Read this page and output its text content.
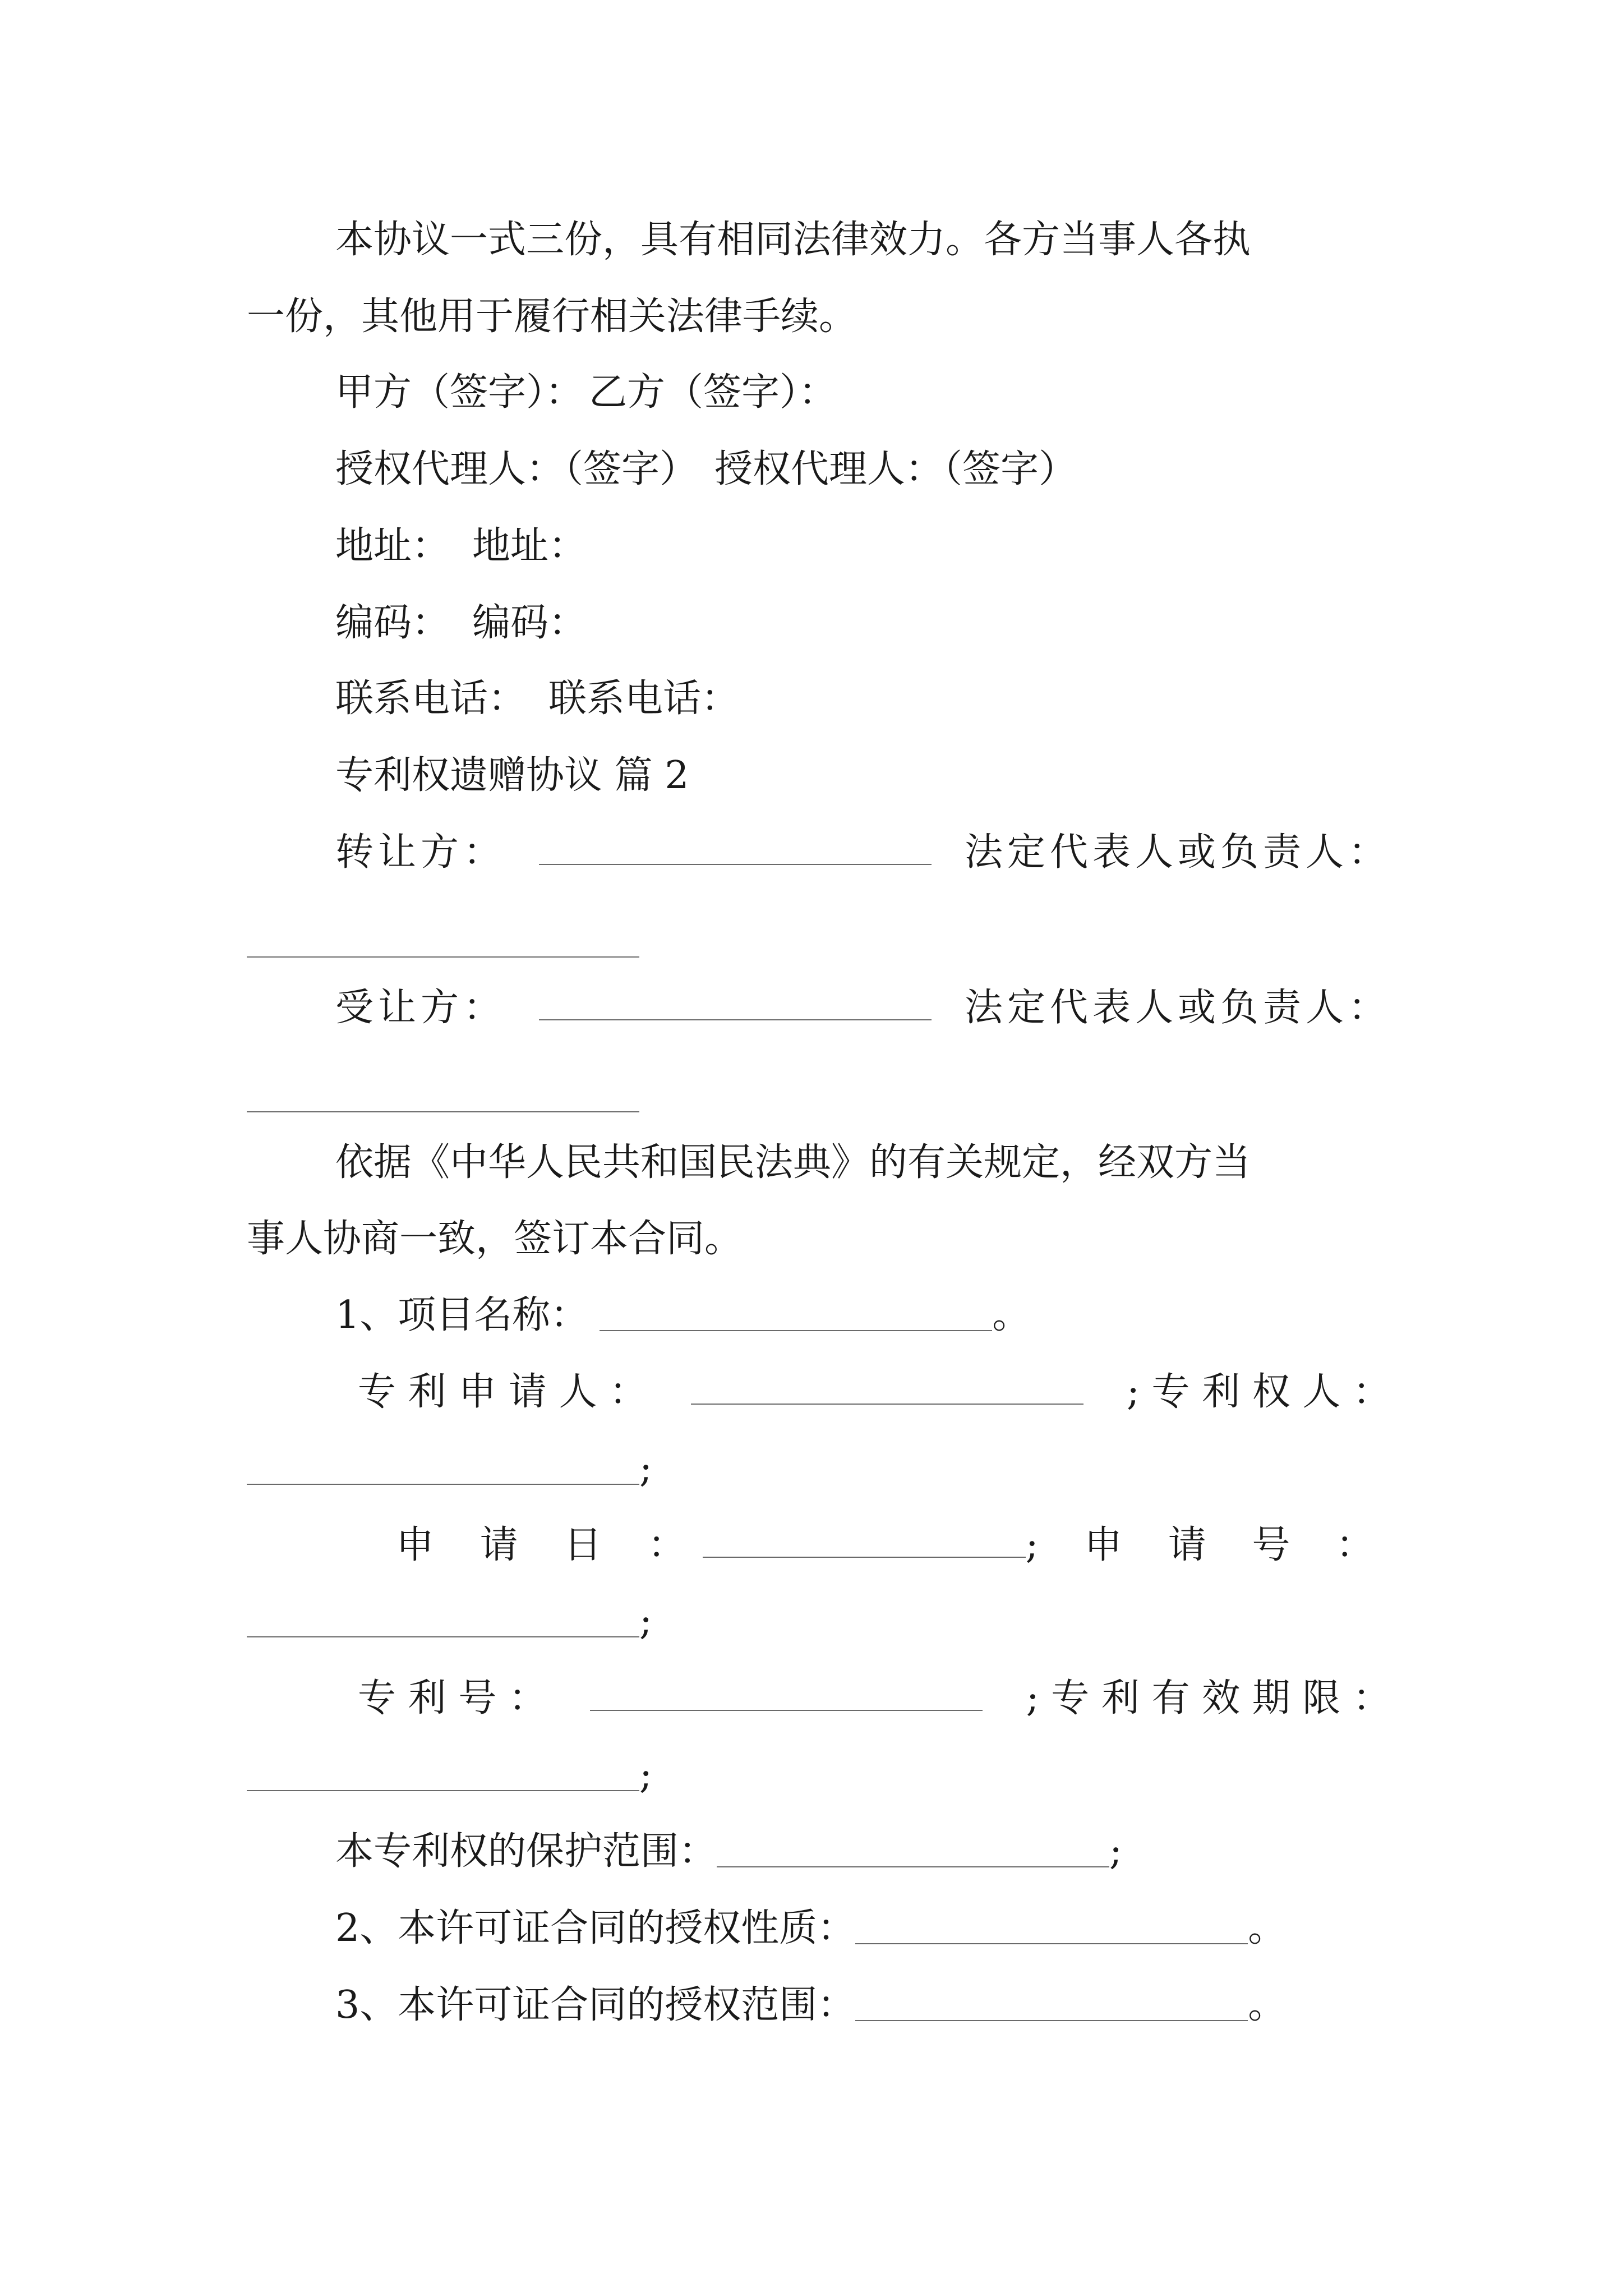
本协议一式三份，具有相同法律效力。各方当事人各执
一份，其他用于履行相关法律手续。
甲方（签字）： 乙方（签字）：
授权代理人：（签字） 授权代理人：（签字）
地址： 地址：
编码： 编码：
联系电话： 联系电话：
专利权遗赠协议 篇 2
转让方：	法定代表人或负责人：
受让方：	法定代表人或负责人：
依据《中华人民共和国民法典》的有关规定，经双方当
事人协商一致，签订本合同。
1、项目名称：	。
专 利 申 请 人 ：	; 专 利 权 人 ：
;
申 请 日 ：	; 申 请 号 ：
;
专 利 号 ：	; 专 利 有 效 期 限 ：
;
本专利权的保护范围：	;
2、本许可证合同的授权性质：	。
3、本许可证合同的授权范围：	。
